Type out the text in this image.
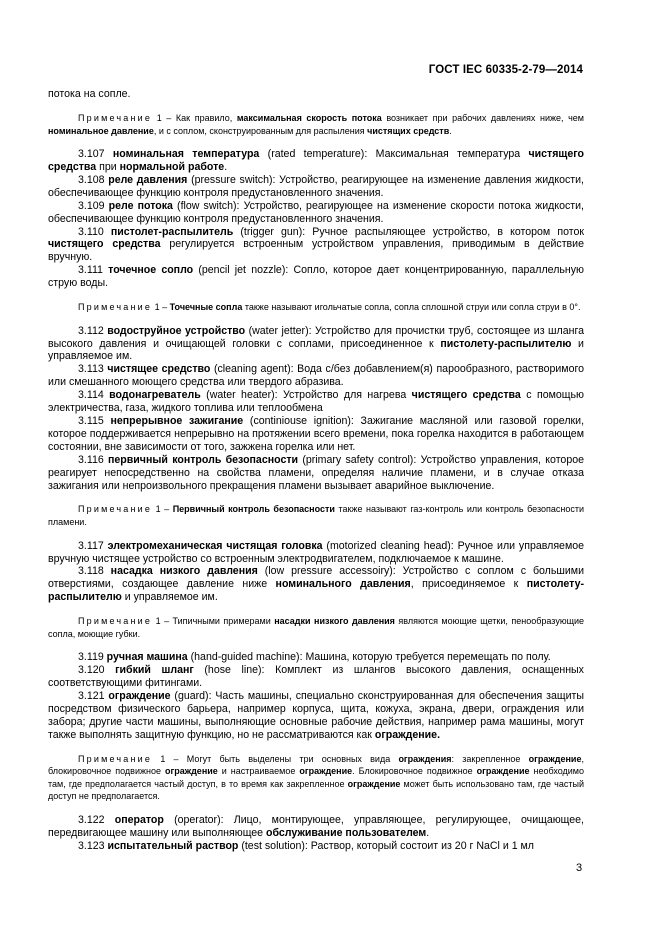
ГОСТ IEC 60335-2-79—2014

потока на сопле.

Примечание 1 – Как правило, максимальная скорость потока возникает при рабочих давлениях ниже, чем номинальное давление, и с соплом, сконструированным для распыления чистящих средств.

3.107 номинальная температура (rated temperature): Максимальная температура чистящего средства при нормальной работе.

3.108 реле давления (pressure switch): Устройство, реагирующее на изменение давления жидкости, обеспечивающее функцию контроля предустановленного значения.

3.109 реле потока (flow switch): Устройство, реагирующее на изменение скорости потока жидкости, обеспечивающее функцию контроля предустановленного значения.

3.110 пистолет-распылитель (trigger gun): Ручное распыляющее устройство, в котором поток чистящего средства регулируется встроенным устройством управления, приводимым в действие вручную.

3.111 точечное сопло (pencil jet nozzle): Сопло, которое дает концентрированную, параллельную струю воды.

Примечание 1 – Точечные сопла также называют игольчатые сопла, сопла сплошной струи или сопла струи в 0°.

3.112 водоструйное устройство (water jetter): Устройство для прочистки труб, состоящее из шланга высокого давления и очищающей головки с соплами, присоединенное к пистолету-распылителю и управляемое им.

3.113 чистящее средство (cleaning agent): Вода с/без добавлением(я) парообразного, растворимого или смешанного моющего средства или твердого абразива.

3.114 водонагреватель (water heater): Устройство для нагрева чистящего средства с помощью электричества, газа, жидкого топлива или теплообмена

3.115 непрерывное зажигание (continiouse ignition): Зажигание масляной или газовой горелки, которое поддерживается непрерывно на протяжении всего времени, пока горелка находится в работающем состоянии, вне зависимости от того, зажжена горелка или нет.

3.116 первичный контроль безопасности (primary safety control): Устройство управления, которое реагирует непосредственно на свойства пламени, определяя наличие пламени, и в случае отказа зажигания или непроизвольного прекращения пламени вызывает аварийное выключение.

Примечание 1 – Первичный контроль безопасности также называют газ-контроль или контроль безопасности пламени.

3.117 электромеханическая чистящая головка (motorized cleaning head): Ручное или управляемое вручную чистящее устройство со встроенным электродвигателем, подключаемое к машине.

3.118 насадка низкого давления (low pressure accessoiry): Устройство с соплом с большими отверстиями, создающее давление ниже номинального давления, присоединяемое к пистолету-распылителю и управляемое им.

Примечание 1 – Типичными примерами насадки низкого давления являются моющие щетки, пенообразующие сопла, моющие губки.

3.119 ручная машина (hand-guided machine): Машина, которую требуется перемещать по полу.

3.120 гибкий шланг (hose line): Комплект из шлангов высокого давления, оснащенных соответствующими фитингами.

3.121 ограждение (guard): Часть машины, специально сконструированная для обеспечения защиты посредством физического барьера, например корпуса, щита, кожуха, экрана, двери, ограждения или забора; другие части машины, выполняющие основные рабочие действия, например рама машины, могут также выполнять защитную функцию, но не рассматриваются как ограждение.

Примечание 1 – Могут быть выделены три основных вида ограждения: закрепленное ограждение, блокировочное подвижное ограждение и настраиваемое ограждение. Блокировочное подвижное ограждение необходимо там, где предполагается частый доступ, в то время как закрепленное ограждение может быть использовано там, где частый доступ не предполагается.

3.122 оператор (operator): Лицо, монтирующее, управляющее, регулирующее, очищающее, передвигающее машину или выполняющее обслуживание пользователем.

3.123 испытательный раствор (test solution): Раствор, который состоит из 20 г NaCl и 1 мл

3
